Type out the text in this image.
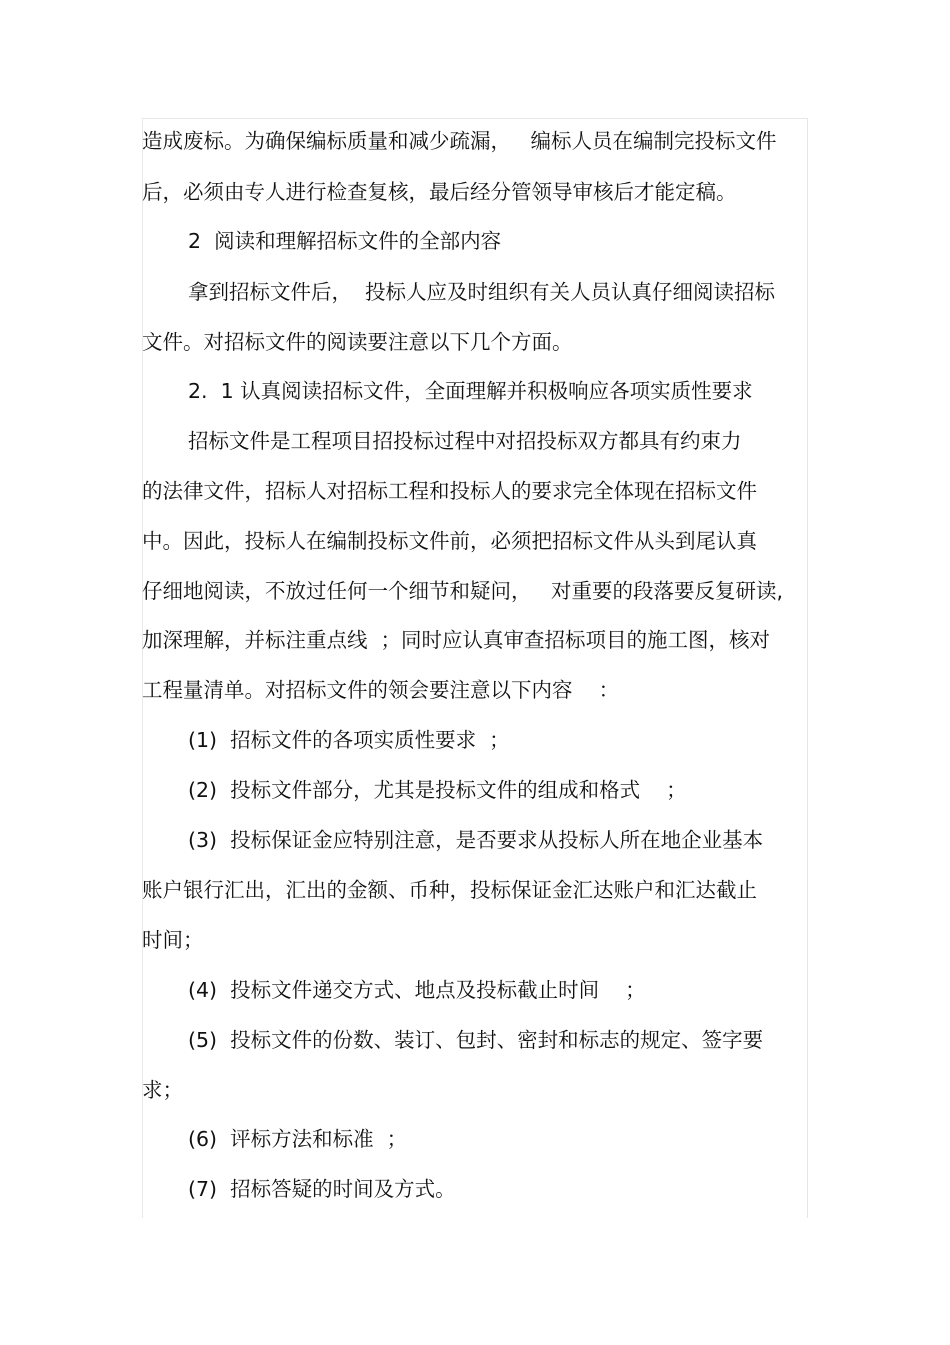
造成废标。为确保编标质量和减少疏漏，   编标人员在编制完投标文件
后，必须由专人进行检查复核，最后经分管领导审核后才能定稿。
2  阅读和理解招标文件的全部内容
拿到招标文件后，  投标人应及时组织有关人员认真仔细阅读招标
文件。对招标文件的阅读要注意以下几个方面。
2.  1 认真阅读招标文件，全面理解并积极响应各项实质性要求
招标文件是工程项目招投标过程中对招投标双方都具有约束力
的法律文件，招标人对招标工程和投标人的要求完全体现在招标文件
中。因此，投标人在编制投标文件前，必须把招标文件从头到尾认真
仔细地阅读，不放过任何一个细节和疑问，   对重要的段落要反复研读,
加深理解，并标注重点线  ；同时应认真审查招标项目的施工图，核对
工程量清单。对招标文件的领会要注意以下内容    ：
(1)  招标文件的各项实质性要求  ；
(2)  投标文件部分，尤其是投标文件的组成和格式    ；
(3)  投标保证金应特别注意，是否要求从投标人所在地企业基本
账户银行汇出，汇出的金额、币种，投标保证金汇达账户和汇达截止
时间；
(4)  投标文件递交方式、地点及投标截止时间    ；
(5)  投标文件的份数、装订、包封、密封和标志的规定、签字要
求；
(6)  评标方法和标准  ；
(7)  招标答疑的时间及方式。
